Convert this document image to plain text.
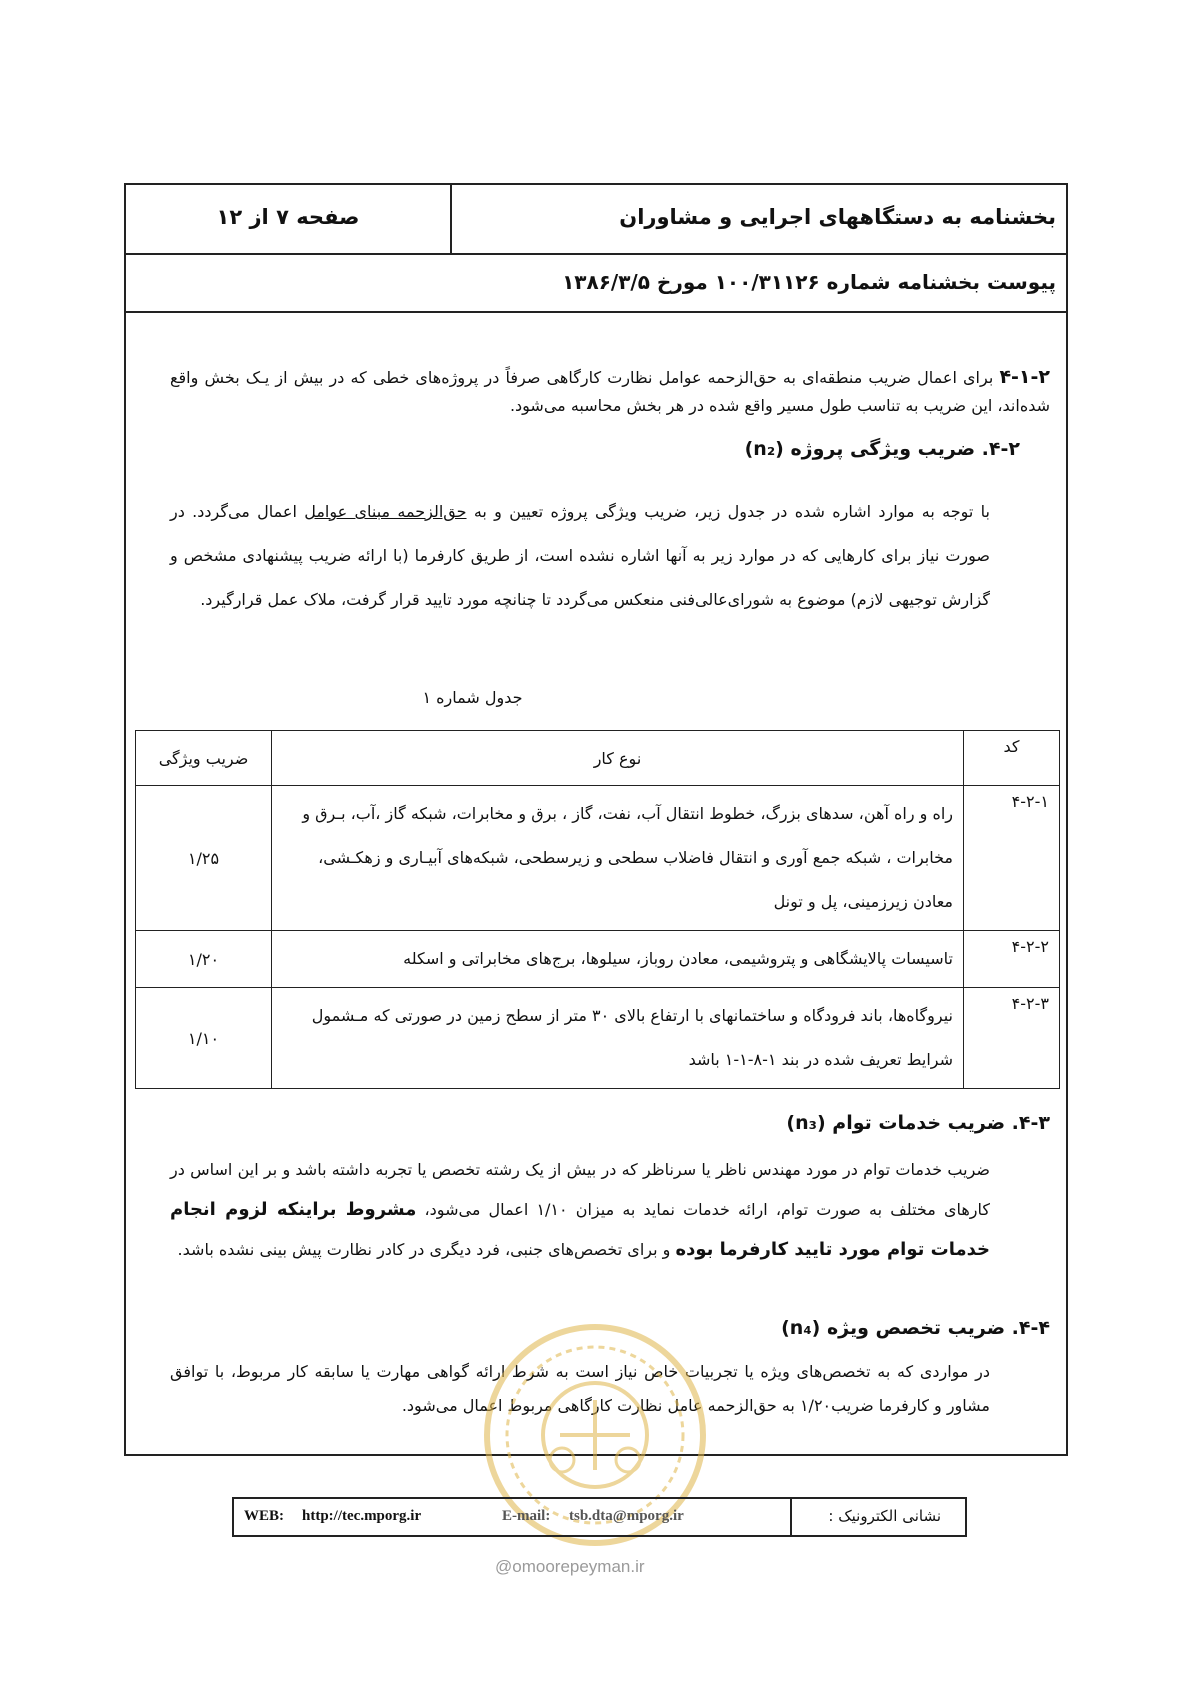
بخشنامه به دستگاههای اجرایی و مشاوران
صفحه ۷ از ۱۲
پیوست بخشنامه شماره ۱۰۰/۳۱۱۲۶ مورخ ۱۳۸۶/۳/۵
۴-۱-۲ برای اعمال ضریب منطقه‌ای به حق‌الزحمه عوامل نظارت کارگاهی صرفاً در پروژه‌های خطی که در بیش از یـک بخش واقع شده‌اند، این ضریب به تناسب طول مسیر واقع شده در هر بخش محاسبه می‌شود.
۴-۲. ضریب ویژگی پروژه (n₂)
با توجه به موارد اشاره شده در جدول زیر، ضریب ویژگی پروژه تعیین و به حق‌الزحمه مبنای عوامل اعمال می‌گردد. در صورت نیاز برای کارهایی که در موارد زیر به آنها اشاره نشده است، از طریق کارفرما (با ارائه ضریب پیشنهادی مشخص و گزارش توجیهی لازم) موضوع به شورای‌عالی‌فنی منعکس می‌گردد تا چنانچه مورد تایید قرار گرفت، ملاک عمل قرارگیرد.
جدول شماره ۱
کد	نوع کار	ضریب ویژگی
۴-۲-۱	راه و راه آهن، سدهای بزرگ، خطوط انتقال آب، نفت، گاز ، برق و مخابرات، شبکه گاز ،آب، بـرق و مخابرات ، شبکه جمع آوری و انتقال فاضلاب سطحی و زیرسطحی، شبکه‌های آبیـاری و زهکـشی، معادن زیرزمینی، پل و تونل	۱/۲۵
۴-۲-۲	تاسیسات پالایشگاهی و پتروشیمی، معادن روباز، سیلوها، برج‌های مخابراتی و اسکله	۱/۲۰
۴-۲-۳	نیروگاه‌ها، باند فرودگاه و ساختمانهای با ارتفاع بالای ۳۰ متر از سطح زمین در صورتی که مـشمول شرایط تعریف شده در بند ۱-۸-۱-۱ باشد	۱/۱۰
۴-۳. ضریب خدمات توام (n₃)
ضریب خدمات توام در مورد مهندس ناظر یا سرناظر که در بیش از یک رشته تخصص یا تجربه داشته باشد و بر این اساس در کارهای مختلف به صورت توام، ارائه خدمات نماید به میزان ۱/۱۰ اعمال می‌شود، مشروط براینکه لزوم انجام خدمات توام مورد تایید کارفرما بوده و برای تخصص‌های جنبی، فرد دیگری در کادر نظارت پیش بینی نشده باشد.
۴-۴. ضریب تخصص ویژه (n₄)
در مواردی که به تخصص‌های ویژه یا تجربیات خاص نیاز است به شرط ارائه گواهی مهارت یا سابقه کار مربوط، با توافق مشاور و کارفرما ضریب۱/۲۰ به حق‌الزحمه عامل نظارت کارگاهی مربوط اعمال می‌شود.
WEB: http://tec.mporg.ir	E-mail: tsb.dta@mporg.ir	نشانی الکترونیک :
@omoorepeyman.ir
